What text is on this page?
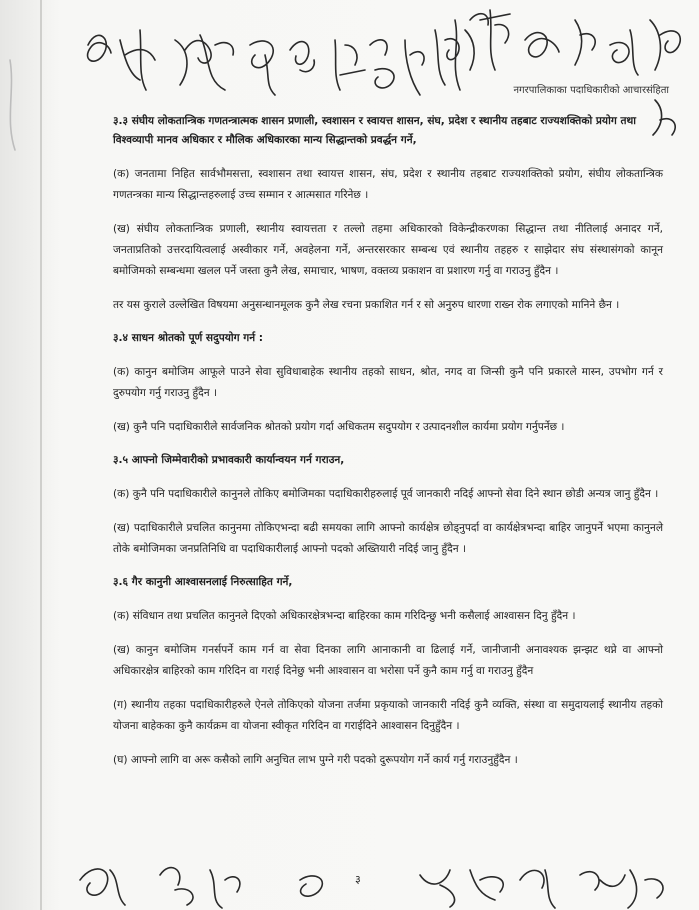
नगरपालिकाका पदाधिकारीको आचारसंहिता

३.३ संघीय लोकतान्त्रिक गणतन्त्रात्मक शासन प्रणाली, स्वशासन र स्वायत्त शासन, संघ, प्रदेश र स्थानीय तहबाट राज्यशक्तिको प्रयोग तथा विश्वव्यापी मानव अधिकार र मौलिक अधिकारका मान्य सिद्धान्तको प्रवर्द्धन गर्ने,

(क) जनतामा निहित सार्वभौमसत्ता, स्वशासन तथा स्वायत्त शासन, संघ, प्रदेश र स्थानीय तहबाट राज्यशक्तिको प्रयोग, संघीय लोकतान्त्रिक गणतन्त्रका मान्य सिद्धान्तहरुलाई उच्च सम्मान र आत्मसात गरिनेछ ।

(ख) संघीय लोकतान्त्रिक प्रणाली, स्थानीय स्वायत्तता र तल्लो तहमा अधिकारको विकेन्द्रीकरणका सिद्धान्त तथा नीतिलाई अनादर गर्ने, जनताप्रतिको उत्तरदायित्वलाई अस्वीकार गर्ने, अवहेलना गर्ने, अन्तरसरकार सम्बन्ध एवं स्थानीय तहहरु र साझेदार संघ संस्थासंगको कानून बमोजिमको सम्बन्धमा खलल पर्ने जस्ता कुनै लेख, समाचार, भाषण, वक्तव्य प्रकाशन वा प्रशारण गर्नु वा गराउनु हुँदैन ।

तर यस कुराले उल्लेखित विषयमा अनुसन्धानमूलक कुनै लेख रचना प्रकाशित गर्न र सो अनुरुप धारणा राख्न रोक लगाएको मानिने छैन ।

३.४ साधन श्रोतको पूर्ण सदुपयोग गर्न :

(क) कानुन बमोजिम आफूले पाउने सेवा सुविधाबाहेक स्थानीय तहको साधन, श्रोत, नगद वा जिन्सी कुनै पनि प्रकारले मास्न, उपभोग गर्न र दुरुपयोग गर्नु गराउनु हुँदैन ।

(ख) कुनै पनि पदाधिकारीले सार्वजनिक श्रोतको प्रयोग गर्दा अधिकतम सदुपयोग र उत्पादनशील कार्यमा प्रयोग गर्नुपर्नेछ ।

३.५ आफ्नो जिम्मेवारीको प्रभावकारी कार्यान्वयन गर्न गराउन,

(क) कुनै पनि पदाधिकारीले कानुनले तोकिए बमोजिमका पदाधिकारीहरुलाई पूर्व जानकारी नदिई आफ्नो सेवा दिने स्थान छोडी अन्यत्र जानु हुँदैन ।

(ख) पदाधिकारीले प्रचलित कानुनमा तोकिएभन्दा बढी समयका लागि आफ्नो कार्यक्षेत्र छोड्नुपर्दा वा कार्यक्षेत्रभन्दा बाहिर जानुपर्ने भएमा कानुनले तोके बमोजिमका जनप्रतिनिधि वा पदाधिकारीलाई आफ्नो पदको अख्तियारी नदिई जानु हुँदैन ।

३.६ गैर कानुनी आश्वासनलाई निरुत्साहित गर्ने,

(क) संविधान तथा प्रचलित कानुनले दिएको अधिकारक्षेत्रभन्दा बाहिरका काम गरिदिन्छु भनी कसैलाई आश्वासन दिनु हुँदैन ।

(ख) कानुन बमोजिम गनर्सपर्ने काम गर्न वा सेवा दिनका लागि आनाकानी वा ढिलाई गर्ने, जानीजानी अनावश्यक झन्झट थप्ने वा आफ्नो अधिकारक्षेत्र बाहिरको काम गरिदिन वा गराई दिनेछु भनी आश्वासन वा भरोसा पर्ने कुनै काम गर्नु वा गराउनु हुँदैन

(ग) स्थानीय तहका पदाधिकारीहरुले ऐनले तोकिएको योजना तर्जमा प्रकृयाको जानकारी नदिई कुनै व्यक्ति, संस्था वा समुदायलाई स्थानीय तहको योजना बाहेकका कुनै कार्यक्रम वा योजना स्वीकृत गरिदिन वा गराईदिने आश्वासन दिनुहुँदैन ।

(घ) आफ्नो लागि वा अरू कसैको लागि अनुचित लाभ पुग्ने गरी पदको दुरूपयोग गर्ने कार्य गर्नु गराउनुहुँदैन ।

३
